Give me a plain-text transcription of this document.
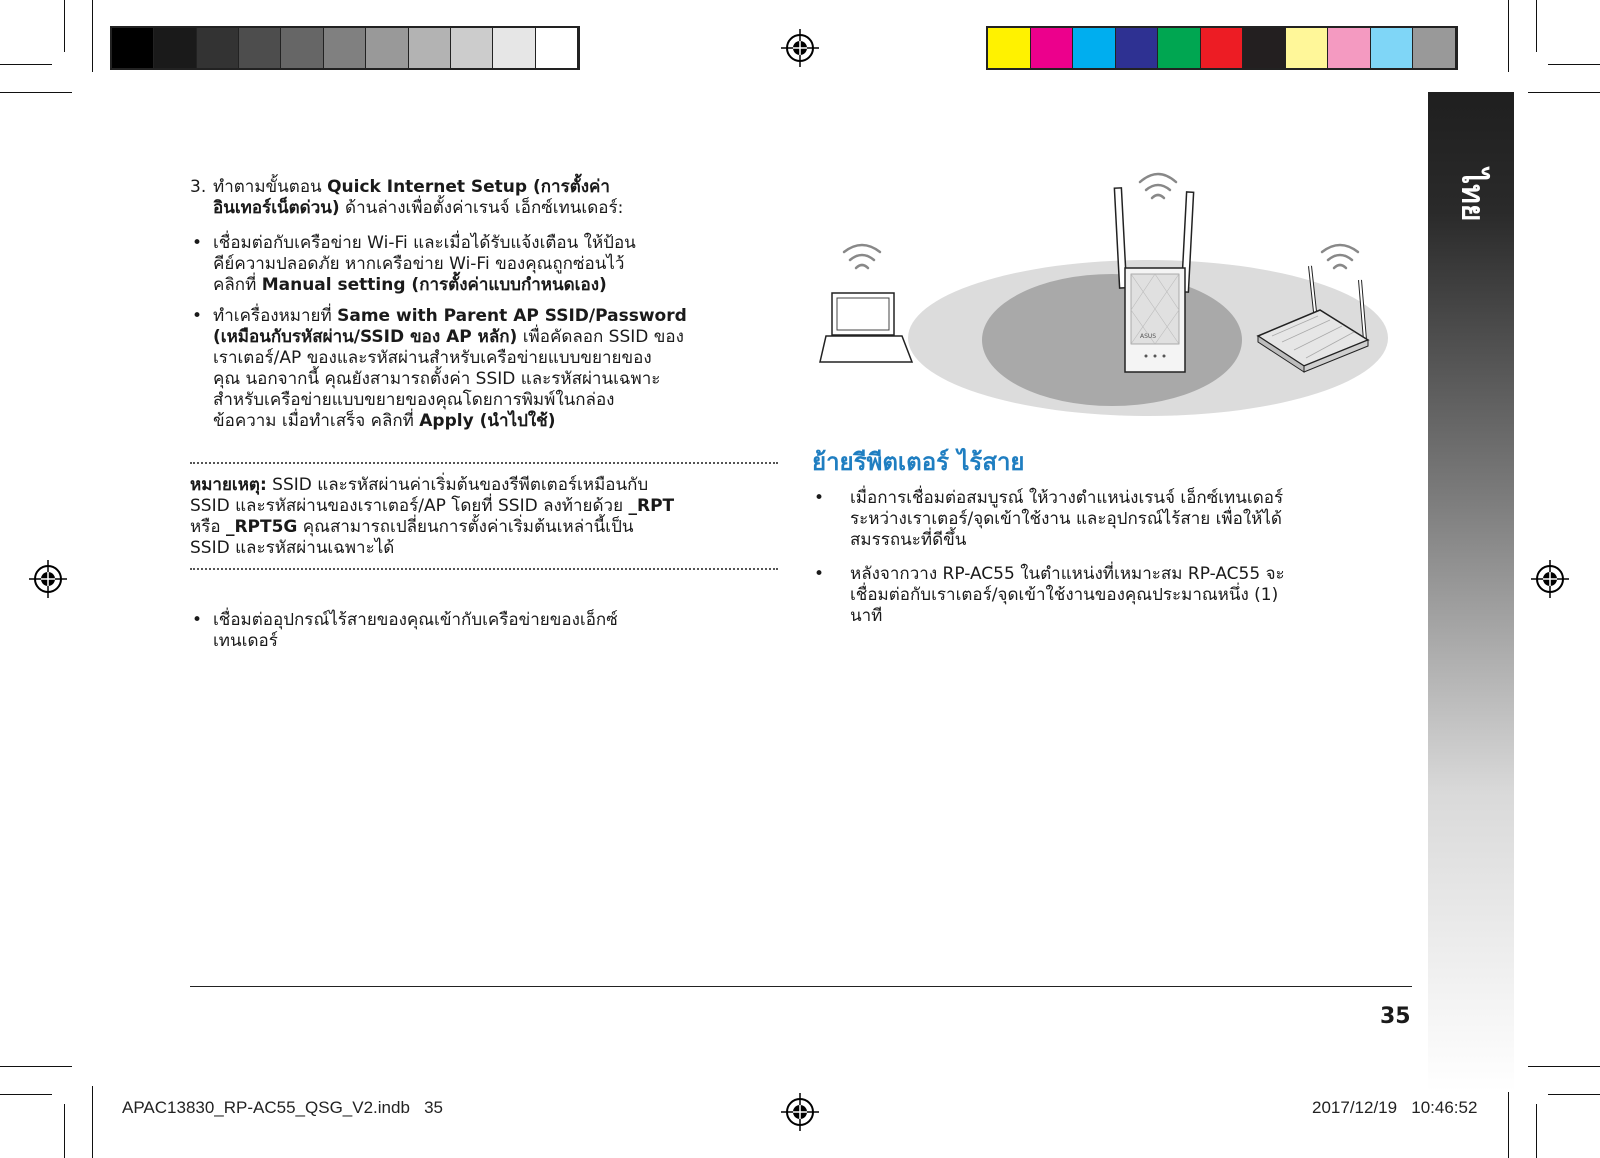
ไทย
3. ทำตามขั้นตอน Quick Internet Setup (การตั้งค่า
อินเทอร์เน็ตด่วน) ด้านล่างเพื่อตั้งค่าเรนจ์ เอ็กซ์เทนเดอร์:
• เชื่อมต่อกับเครือข่าย Wi-Fi และเมื่อได้รับแจ้งเตือน ให้ป้อน
คีย์ความปลอดภัย หากเครือข่าย Wi-Fi ของคุณถูกซ่อนไว้
คลิกที่ Manual setting (การตั้งค่าแบบกำหนดเอง)
• ทำเครื่องหมายที่ Same with Parent AP SSID/Password
(เหมือนกับรหัสผ่าน/SSID ของ AP หลัก) เพื่อคัดลอก SSID ของ
เราเตอร์/AP ของและรหัสผ่านสำหรับเครือข่ายแบบขยายของ
คุณ นอกจากนี้ คุณยังสามารถตั้งค่า SSID และรหัสผ่านเฉพาะ
สำหรับเครือข่ายแบบขยายของคุณโดยการพิมพ์ในกล่อง
ข้อความ เมื่อทำเสร็จ คลิกที่ Apply (นำไปใช้)
หมายเหตุ: SSID และรหัสผ่านค่าเริ่มต้นของรีพีตเตอร์เหมือนกับ
SSID และรหัสผ่านของเราเตอร์/AP โดยที่ SSID ลงท้ายด้วย _RPT
หรือ _RPT5G คุณสามารถเปลี่ยนการตั้งค่าเริ่มต้นเหล่านี้เป็น
SSID และรหัสผ่านเฉพาะได้
• เชื่อมต่ออุปกรณ์ไร้สายของคุณเข้ากับเครือข่ายของเอ็กซ์
เทนเดอร์
ASUS
ย้ายรีพีตเตอร์ ไร้สาย
• เมื่อการเชื่อมต่อสมบูรณ์ ให้วางตำแหน่งเรนจ์ เอ็กซ์เทนเดอร์
ระหว่างเราเตอร์/จุดเข้าใช้งาน และอุปกรณ์ไร้สาย เพื่อให้ได้
สมรรถนะที่ดีขึ้น
• หลังจากวาง RP-AC55 ในตำแหน่งที่เหมาะสม RP-AC55 จะ
เชื่อมต่อกับเราเตอร์/จุดเข้าใช้งานของคุณประมาณหนึ่ง (1)
นาที
35
APAC13830_RP-AC55_QSG_V2.indb   35	2017/12/19   10:46:52
